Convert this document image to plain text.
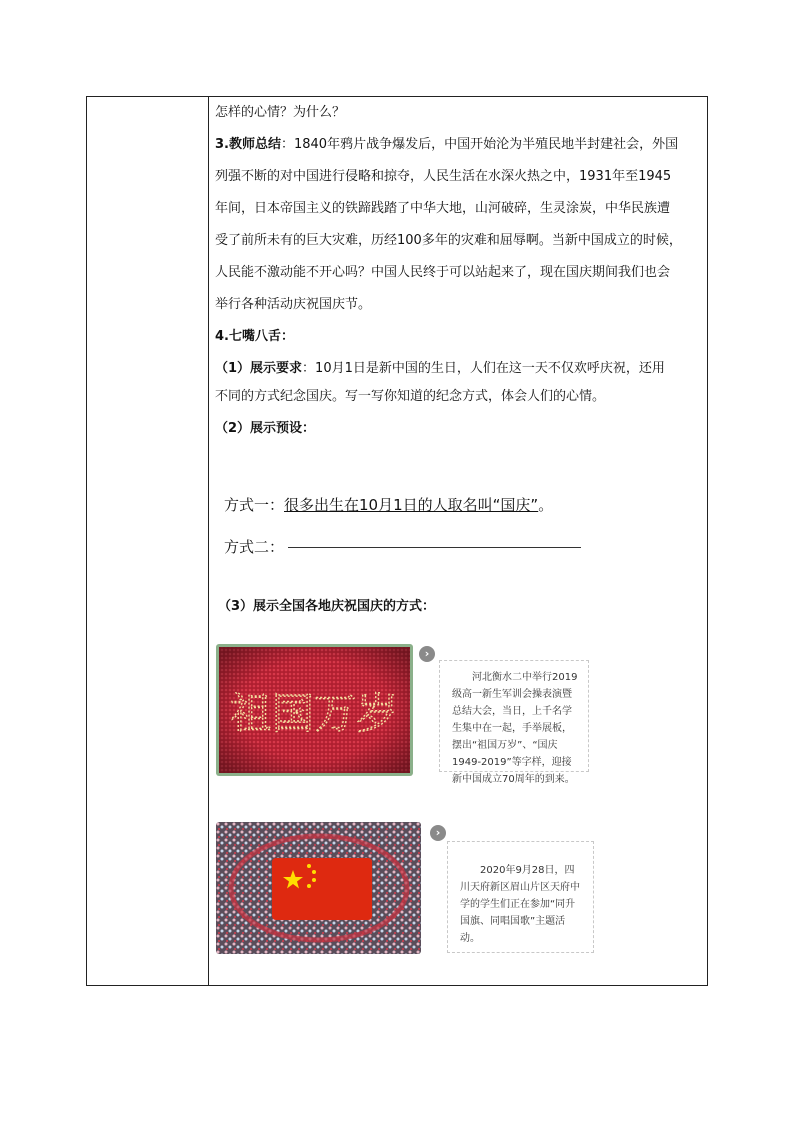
怎样的心情？为什么？
3.教师总结：1840年鸦片战争爆发后，中国开始沦为半殖民地半封建社会，外国
列强不断的对中国进行侵略和掠夺，人民生活在水深火热之中，1931年至1945
年间，日本帝国主义的铁蹄践踏了中华大地，山河破碎，生灵涂炭，中华民族遭
受了前所未有的巨大灾难，历经100多年的灾难和屈辱啊。当新中国成立的时候，
人民能不激动能不开心吗？中国人民终于可以站起来了，现在国庆期间我们也会
举行各种活动庆祝国庆节。
4.七嘴八舌：
（1）展示要求：10月1日是新中国的生日，人们在这一天不仅欢呼庆祝，还用
不同的方式纪念国庆。写一写你知道的纪念方式，体会人们的心情。
（2）展示预设：
方式一：很多出生在10月1日的人取名叫“国庆”。
方式二：
（3）展示全国各地庆祝国庆的方式：
祖国万岁
›
河北衡水二中举行2019级高一新生军训会操表演暨总结大会，当日，上千名学生集中在一起，手举展板，摆出“祖国万岁”、“国庆1949-2019”等字样，迎接新中国成立70周年的到来。
›
2020年9月28日，四川天府新区眉山片区天府中学的学生们正在参加“同升国旗、同唱国歌”主题活动。
